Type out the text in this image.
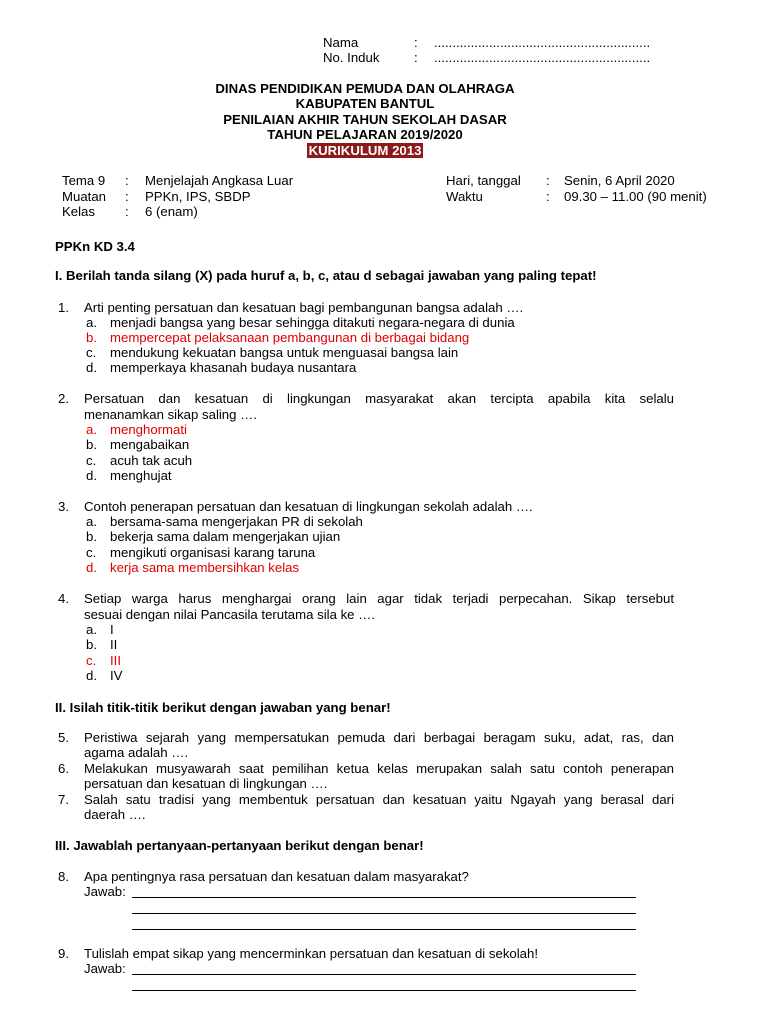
Nama	: ...........................................................
No. Induk	: ...........................................................
DINAS PENDIDIKAN PEMUDA DAN OLAHRAGA
KABUPATEN BANTUL
PENILAIAN AKHIR TAHUN SEKOLAH DASAR
TAHUN PELAJARAN 2019/2020
KURIKULUM 2013
Tema 9 : Menjelajah Angkasa Luar
Muatan : PPKn, IPS, SBDP
Kelas : 6 (enam)
Hari, tanggal : Senin, 6 April 2020
Waktu	: 09.30 – 11.00 (90 menit)
PPKn KD 3.4
I. Berilah tanda silang (X) pada huruf a, b, c, atau d sebagai jawaban yang paling tepat!
1. Arti penting persatuan dan kesatuan bagi pembangunan bangsa adalah ….
a. menjadi bangsa yang besar sehingga ditakuti negara-negara di dunia
b. mempercepat pelaksanaan pembangunan di berbagai bidang
c. mendukung kekuatan bangsa untuk menguasai bangsa lain
d. memperkaya khasanah budaya nusantara
2. Persatuan dan kesatuan di lingkungan masyarakat akan tercipta apabila kita selalu
menanamkan sikap saling ….
a. menghormati
b. mengabaikan
c. acuh tak acuh
d. menghujat
3. Contoh penerapan persatuan dan kesatuan di lingkungan sekolah adalah ….
a. bersama-sama mengerjakan PR di sekolah
b. bekerja sama dalam mengerjakan ujian
c. mengikuti organisasi karang taruna
d. kerja sama membersihkan kelas
4. Setiap warga harus menghargai orang lain agar tidak terjadi perpecahan. Sikap tersebut
sesuai dengan nilai Pancasila terutama sila ke ….
a. I
b. II
c. III
d. IV
II. Isilah titik-titik berikut dengan jawaban yang benar!
5. Peristiwa sejarah yang mempersatukan pemuda dari berbagai beragam suku, adat, ras, dan
agama adalah ….
6. Melakukan musyawarah saat pemilihan ketua kelas merupakan salah satu contoh penerapan
persatuan dan kesatuan di lingkungan ….
7. Salah satu tradisi yang membentuk persatuan dan kesatuan yaitu Ngayah yang berasal dari
daerah ….
III. Jawablah pertanyaan-pertanyaan berikut dengan benar!
8. Apa pentingnya rasa persatuan dan kesatuan dalam masyarakat?
Jawab:
9. Tulislah empat sikap yang mencerminkan persatuan dan kesatuan di sekolah!
Jawab:
